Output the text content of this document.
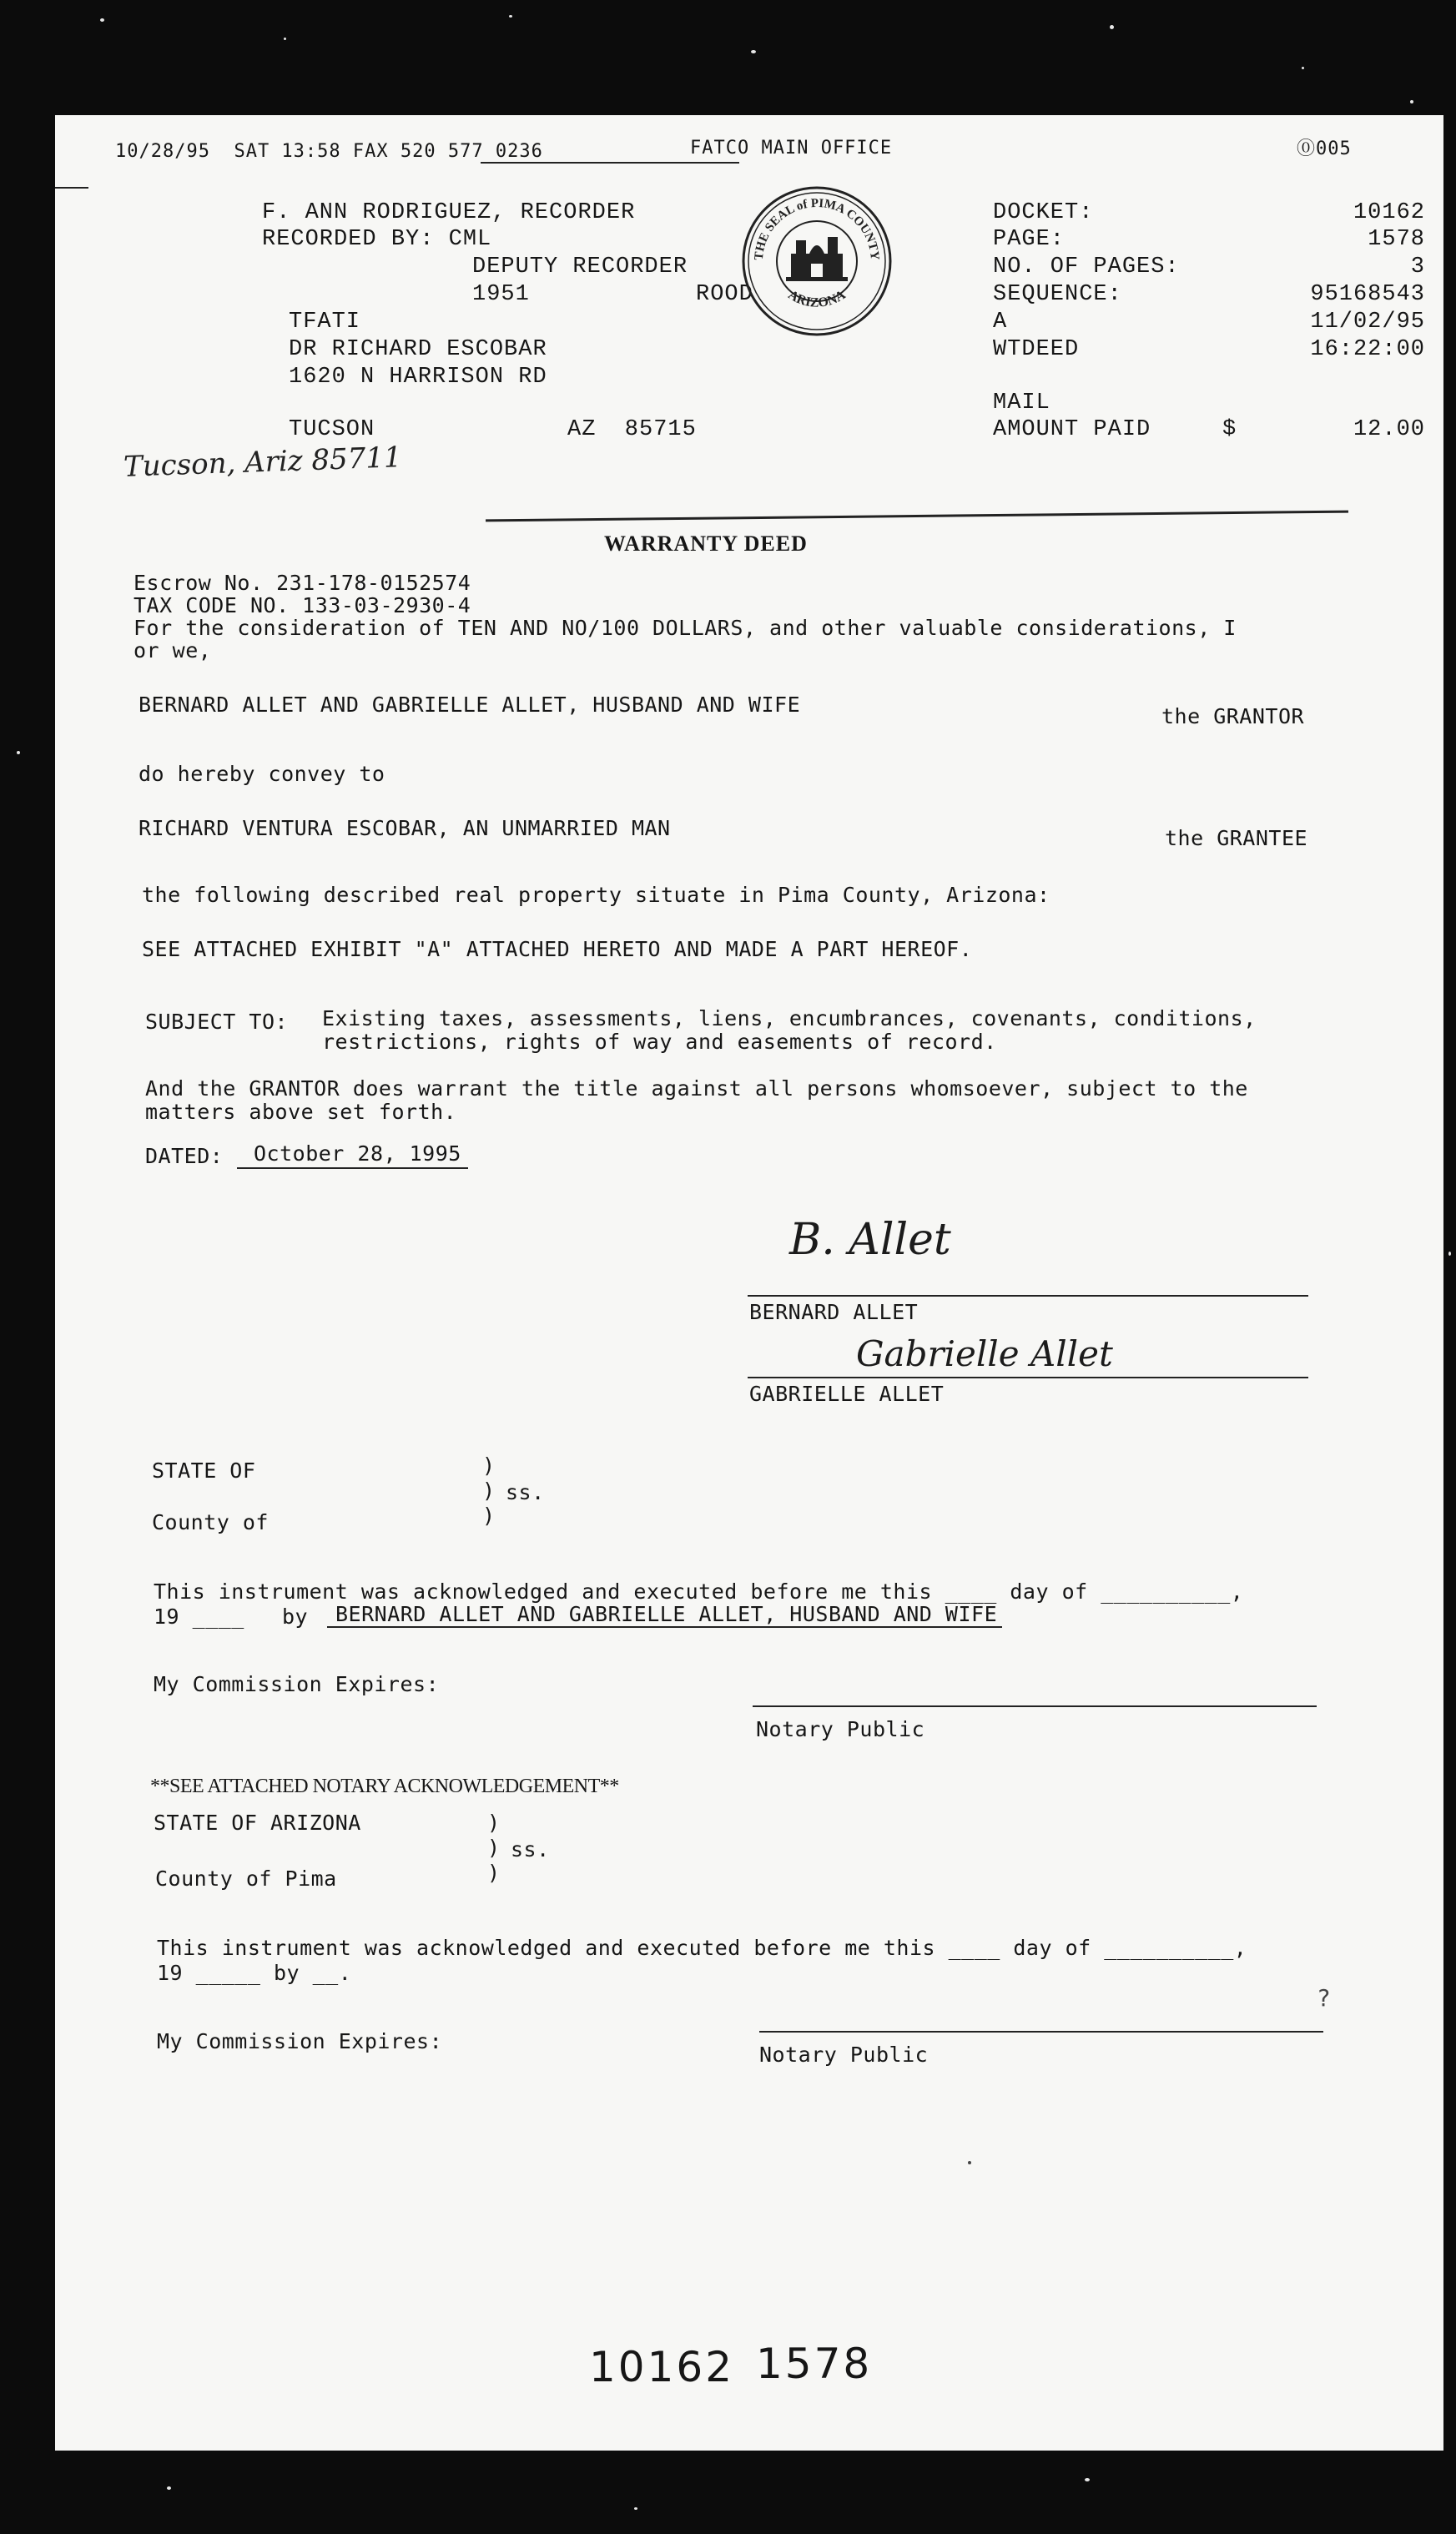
10/28/95  SAT 13:58 FAX 520 577 0236	FATCO MAIN OFFICE	⓪005
F. ANN RODRIGUEZ, RECORDER
RECORDED BY: CML
DEPUTY RECORDER
1951	ROOD
TFATI
DR RICHARD ESCOBAR
1620 N HARRISON RD
TUCSON	AZ  85715
Tucson, Ariz 85711
THE SEAL of PIMA COUNTY
ARIZONA
DOCKET:	10162
PAGE:	1578
NO. OF PAGES:	3
SEQUENCE:	95168543
A	11/02/95
WTDEED	16:22:00
MAIL
AMOUNT PAID	$	12.00
WARRANTY DEED
Escrow No. 231-178-0152574
TAX CODE NO. 133-03-2930-4
For the consideration of TEN AND NO/100 DOLLARS, and other valuable considerations, I
or we,
BERNARD ALLET AND GABRIELLE ALLET, HUSBAND AND WIFE	the GRANTOR
do hereby convey to
RICHARD VENTURA ESCOBAR, AN UNMARRIED MAN	the GRANTEE
the following described real property situate in Pima County, Arizona:
SEE ATTACHED EXHIBIT "A" ATTACHED HERETO AND MADE A PART HEREOF.
SUBJECT TO: Existing taxes, assessments, liens, encumbrances, covenants, conditions,
restrictions, rights of way and easements of record.
And the GRANTOR does warrant the title against all persons whomsoever, subject to the
matters above set forth.
DATED:	October 28, 1995
B. Allet
BERNARD ALLET
Gabrielle Allet
GABRIELLE ALLET
STATE OF	)
) ss.
)
County of
This instrument was acknowledged and executed before me this ____ day of __________,
19 ____ by	BERNARD ALLET AND GABRIELLE ALLET, HUSBAND AND WIFE
My Commission Expires:
Notary Public
**SEE ATTACHED NOTARY ACKNOWLEDGEMENT**
STATE OF ARIZONA	)
) ss.
)
County of Pima
This instrument was acknowledged and executed before me this ____ day of __________,
19 _____ by __.
?
My Commission Expires:
Notary Public
10162 1578
